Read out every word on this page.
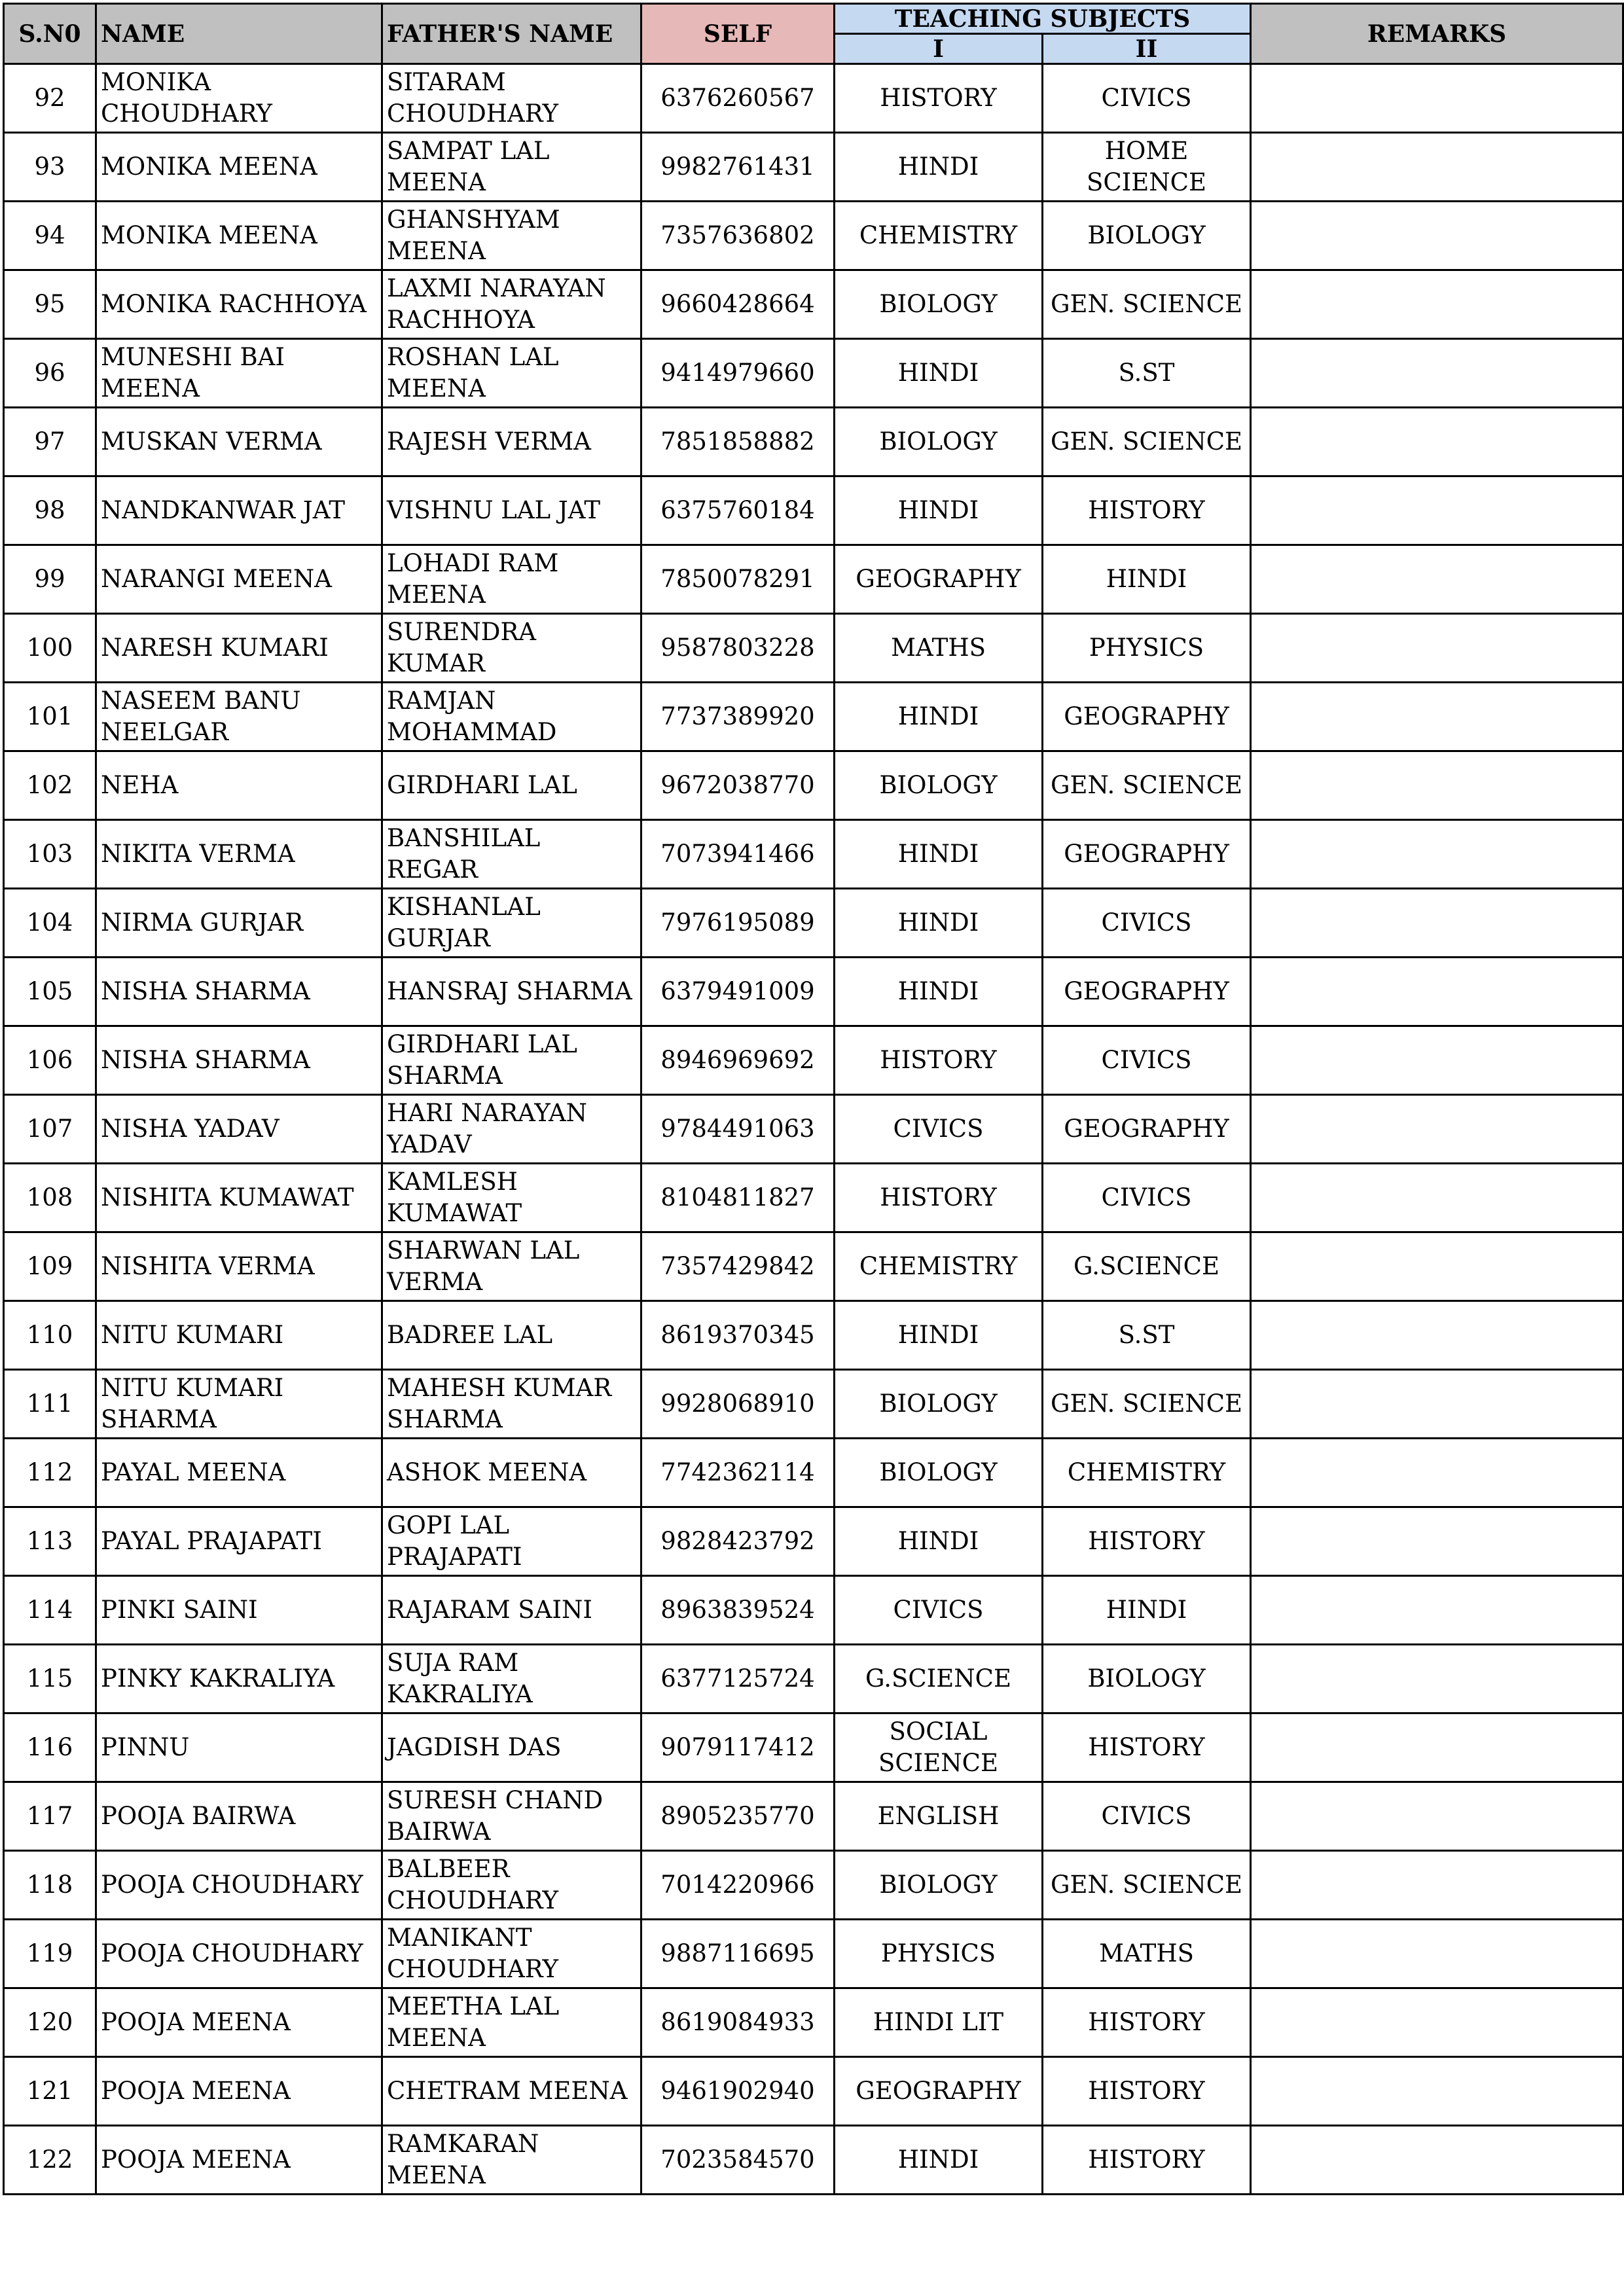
S.N0	NAME	FATHER'S NAME	SELF	TEACHING SUBJECTS		REMARKS
				I	II	
92	MONIKA CHOUDHARY	SITARAM CHOUDHARY	6376260567	HISTORY	CIVICS	
93	MONIKA MEENA	SAMPAT LAL MEENA	9982761431	HINDI	HOME SCIENCE	
94	MONIKA MEENA	GHANSHYAM MEENA	7357636802	CHEMISTRY	BIOLOGY	
95	MONIKA RACHHOYA	LAXMI NARAYAN RACHHOYA	9660428664	BIOLOGY	GEN. SCIENCE	
96	MUNESHI BAI MEENA	ROSHAN LAL MEENA	9414979660	HINDI	S.ST	
97	MUSKAN VERMA	RAJESH VERMA	7851858882	BIOLOGY	GEN. SCIENCE	
98	NANDKANWAR JAT	VISHNU LAL JAT	6375760184	HINDI	HISTORY	
99	NARANGI MEENA	LOHADI RAM MEENA	7850078291	GEOGRAPHY	HINDI	
100	NARESH KUMARI	SURENDRA KUMAR	9587803228	MATHS	PHYSICS	
101	NASEEM BANU NEELGAR	RAMJAN MOHAMMAD	7737389920	HINDI	GEOGRAPHY	
102	NEHA	GIRDHARI LAL	9672038770	BIOLOGY	GEN. SCIENCE	
103	NIKITA VERMA	BANSHILAL REGAR	7073941466	HINDI	GEOGRAPHY	
104	NIRMA GURJAR	KISHANLAL GURJAR	7976195089	HINDI	CIVICS	
105	NISHA SHARMA	HANSRAJ SHARMA	6379491009	HINDI	GEOGRAPHY	
106	NISHA SHARMA	GIRDHARI LAL SHARMA	8946969692	HISTORY	CIVICS	
107	NISHA YADAV	HARI NARAYAN YADAV	9784491063	CIVICS	GEOGRAPHY	
108	NISHITA KUMAWAT	KAMLESH KUMAWAT	8104811827	HISTORY	CIVICS	
109	NISHITA VERMA	SHARWAN LAL VERMA	7357429842	CHEMISTRY	G.SCIENCE	
110	NITU KUMARI	BADREE LAL	8619370345	HINDI	S.ST	
111	NITU KUMARI SHARMA	MAHESH KUMAR SHARMA	9928068910	BIOLOGY	GEN. SCIENCE	
112	PAYAL MEENA	ASHOK MEENA	7742362114	BIOLOGY	CHEMISTRY	
113	PAYAL PRAJAPATI	GOPI LAL PRAJAPATI	9828423792	HINDI	HISTORY	
114	PINKI SAINI	RAJARAM SAINI	8963839524	CIVICS	HINDI	
115	PINKY KAKRALIYA	SUJA RAM KAKRALIYA	6377125724	G.SCIENCE	BIOLOGY	
116	PINNU	JAGDISH DAS	9079117412	SOCIAL SCIENCE	HISTORY	
117	POOJA BAIRWA	SURESH CHAND BAIRWA	8905235770	ENGLISH	CIVICS	
118	POOJA CHOUDHARY	BALBEER CHOUDHARY	7014220966	BIOLOGY	GEN. SCIENCE	
119	POOJA CHOUDHARY	MANIKANT CHOUDHARY	9887116695	PHYSICS	MATHS	
120	POOJA MEENA	MEETHA LAL MEENA	8619084933	HINDI LIT	HISTORY	
121	POOJA MEENA	CHETRAM MEENA	9461902940	GEOGRAPHY	HISTORY	
122	POOJA MEENA	RAMKARAN MEENA	7023584570	HINDI	HISTORY	
